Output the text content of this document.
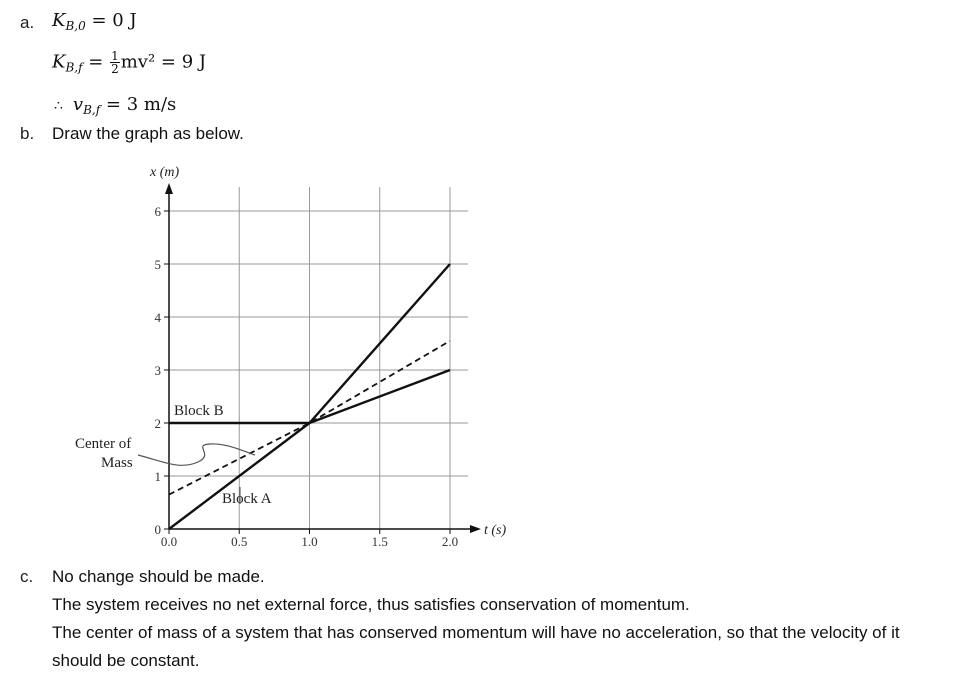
a. $K_{B,0} = 0$ J
$K_{B,f} = \frac{1}{2} mv^2 = 9$ J
∴ $v_{B,f} = 3$ m/s
b. Draw the graph as below.
0
1
2
3
4
5
6
0.0	0.5	1.0	1.5	2.0
x (m)
t (s)
Block B
Block A
Center of
Mass
c. No change should be made.
The system receives no net external force, thus satisfies conservation of momentum.
The center of mass of a system that has conserved momentum will have no acceleration, so that the velocity of it
should be constant.
